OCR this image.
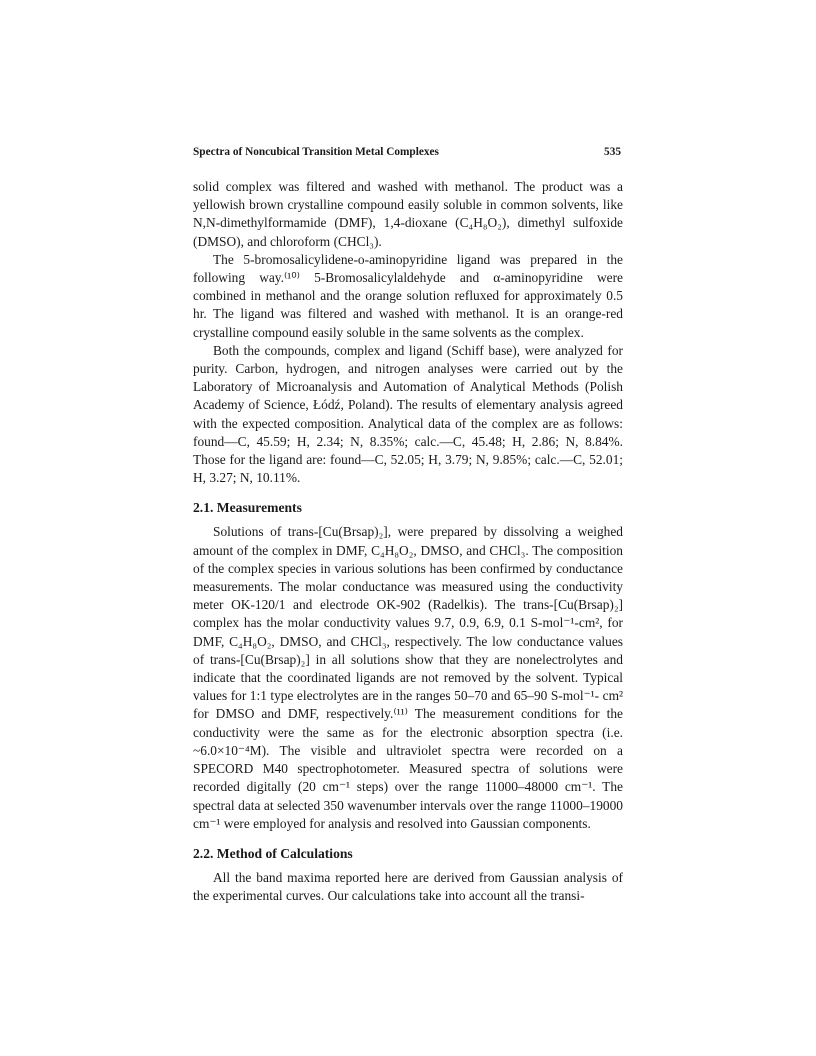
Spectra of Noncubical Transition Metal Complexes	535

solid complex was filtered and washed with methanol. The product was a yellowish brown crystalline compound easily soluble in common solvents, like N,N-dimethylformamide (DMF), 1,4-dioxane (C₄H₈O₂), dimethyl sulfoxide (DMSO), and chloroform (CHCl₃).

The 5-bromosalicylidene-o-aminopyridine ligand was prepared in the following way.⁽¹⁰⁾ 5-Bromosalicylaldehyde and α-aminopyridine were combined in methanol and the orange solution refluxed for approximately 0.5 hr. The ligand was filtered and washed with methanol. It is an orange-red crystalline compound easily soluble in the same solvents as the complex.

Both the compounds, complex and ligand (Schiff base), were analyzed for purity. Carbon, hydrogen, and nitrogen analyses were carried out by the Laboratory of Microanalysis and Automation of Analytical Methods (Polish Academy of Science, Łódź, Poland). The results of elementary analysis agreed with the expected composition. Analytical data of the complex are as follows: found—C, 45.59; H, 2.34; N, 8.35%; calc.—C, 45.48; H, 2.86; N, 8.84%. Those for the ligand are: found—C, 52.05; H, 3.79; N, 9.85%; calc.—C, 52.01; H, 3.27; N, 10.11%.

2.1. Measurements

Solutions of trans-[Cu(Brsap)₂], were prepared by dissolving a weighed amount of the complex in DMF, C₄H₈O₂, DMSO, and CHCl₃. The composition of the complex species in various solutions has been confirmed by conductance measurements. The molar conductance was measured using the conductivity meter OK-120/1 and electrode OK-902 (Radelkis). The trans-[Cu(Brsap)₂] complex has the molar conductivity values 9.7, 0.9, 6.9, 0.1 S-mol⁻¹-cm², for DMF, C₄H₈O₂, DMSO, and CHCl₃, respectively. The low conductance values of trans-[Cu(Brsap)₂] in all solutions show that they are nonelectrolytes and indicate that the coordinated ligands are not removed by the solvent. Typical values for 1:1 type electrolytes are in the ranges 50–70 and 65–90 S-mol⁻¹- cm² for DMSO and DMF, respectively.⁽¹¹⁾ The measurement conditions for the conductivity were the same as for the electronic absorption spectra (i.e. ~6.0×10⁻⁴M). The visible and ultraviolet spectra were recorded on a SPECORD M40 spectrophotometer. Measured spectra of solutions were recorded digitally (20 cm⁻¹ steps) over the range 11000–48000 cm⁻¹. The spectral data at selected 350 wavenumber intervals over the range 11000–19000 cm⁻¹ were employed for analysis and resolved into Gaussian components.

2.2. Method of Calculations

All the band maxima reported here are derived from Gaussian analysis of the experimental curves. Our calculations take into account all the transi-
